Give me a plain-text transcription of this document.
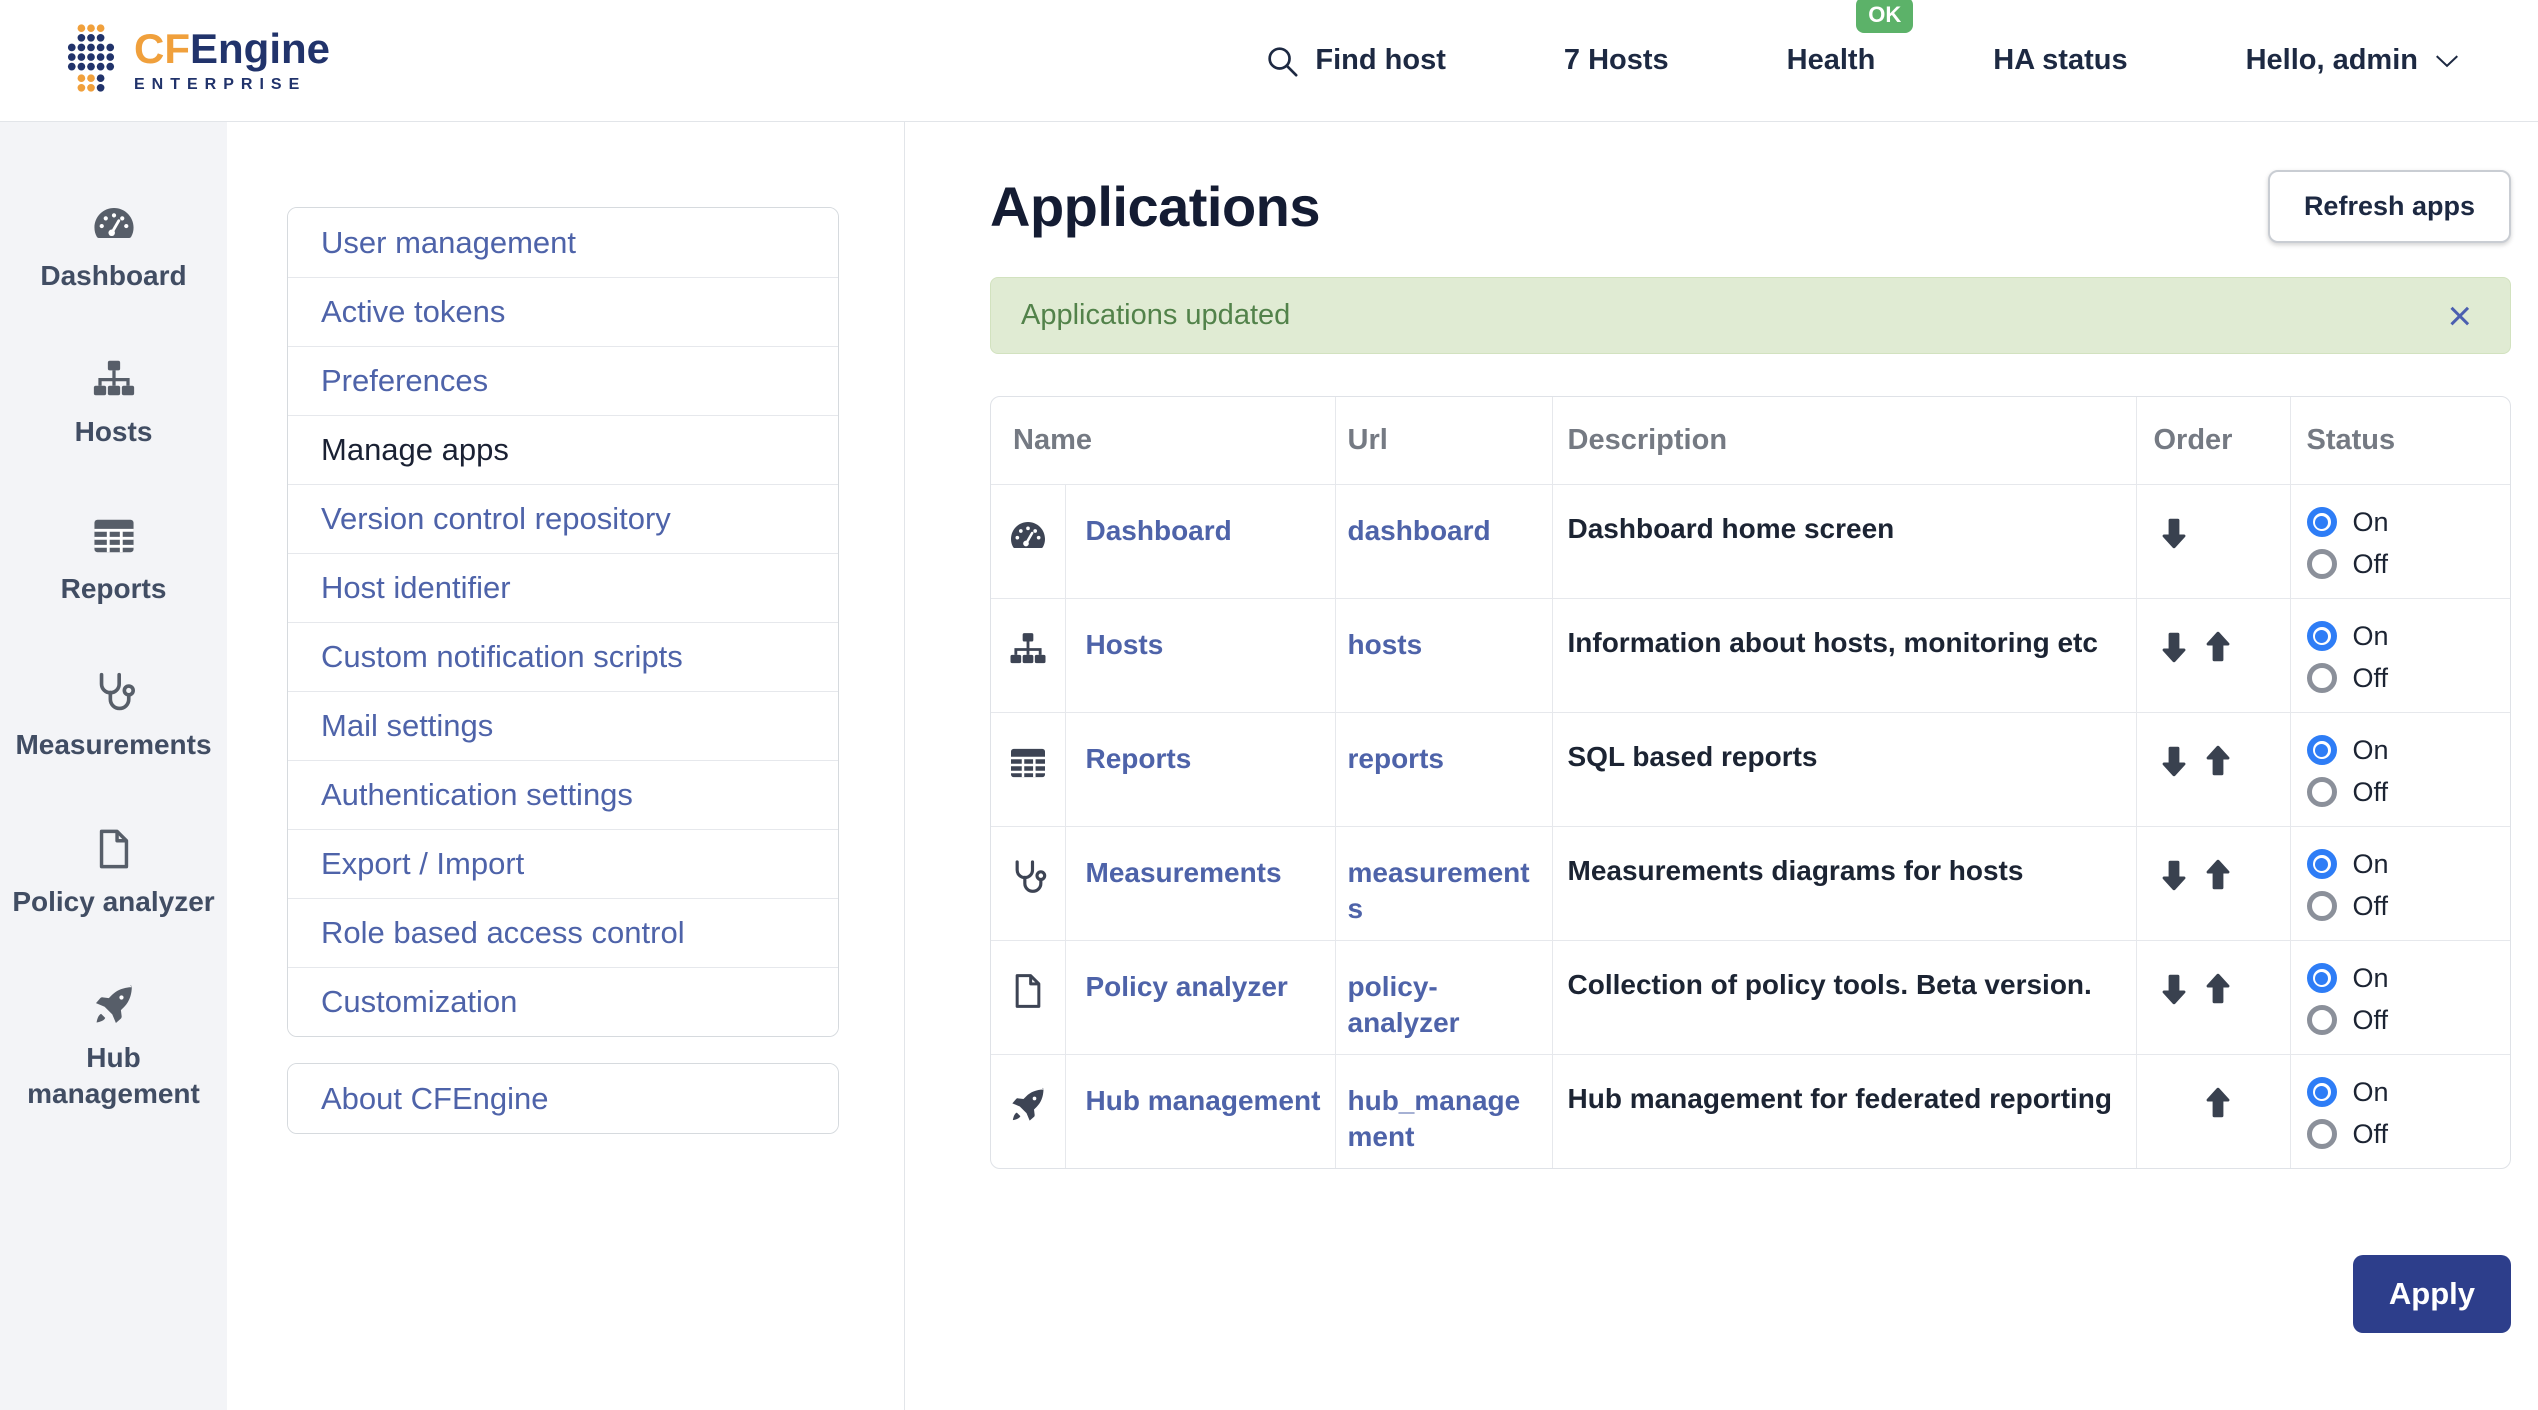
CFEngine
ENTERPRISE
Find host	7 Hosts
OK
Health	HA status	Hello, admin
Dashboard
Hosts
Reports
Measurements
Policy analyzer
Hub management
User management
Active tokens
Preferences
Manage apps
Version control repository
Host identifier
Custom notification scripts
Mail settings
Authentication settings
Export / Import
Role based access control
Customization
About CFEngine
Applications	Refresh apps
Applications updated	×
Name		Url	Description	Order	Status
	Dashboard	dashboard	Dashboard home screen		On
Off

	Hosts	hosts	Information about hosts, monitoring etc		On
Off

	Reports	reports	SQL based reports		On
Off

	Measurements	measurements	Measurements diagrams for hosts		On
Off

	Policy analyzer	policy-analyzer	Collection of policy tools. Beta version.		On
Off

	Hub management	hub_management	Hub management for federated reporting		On
Off
Apply
